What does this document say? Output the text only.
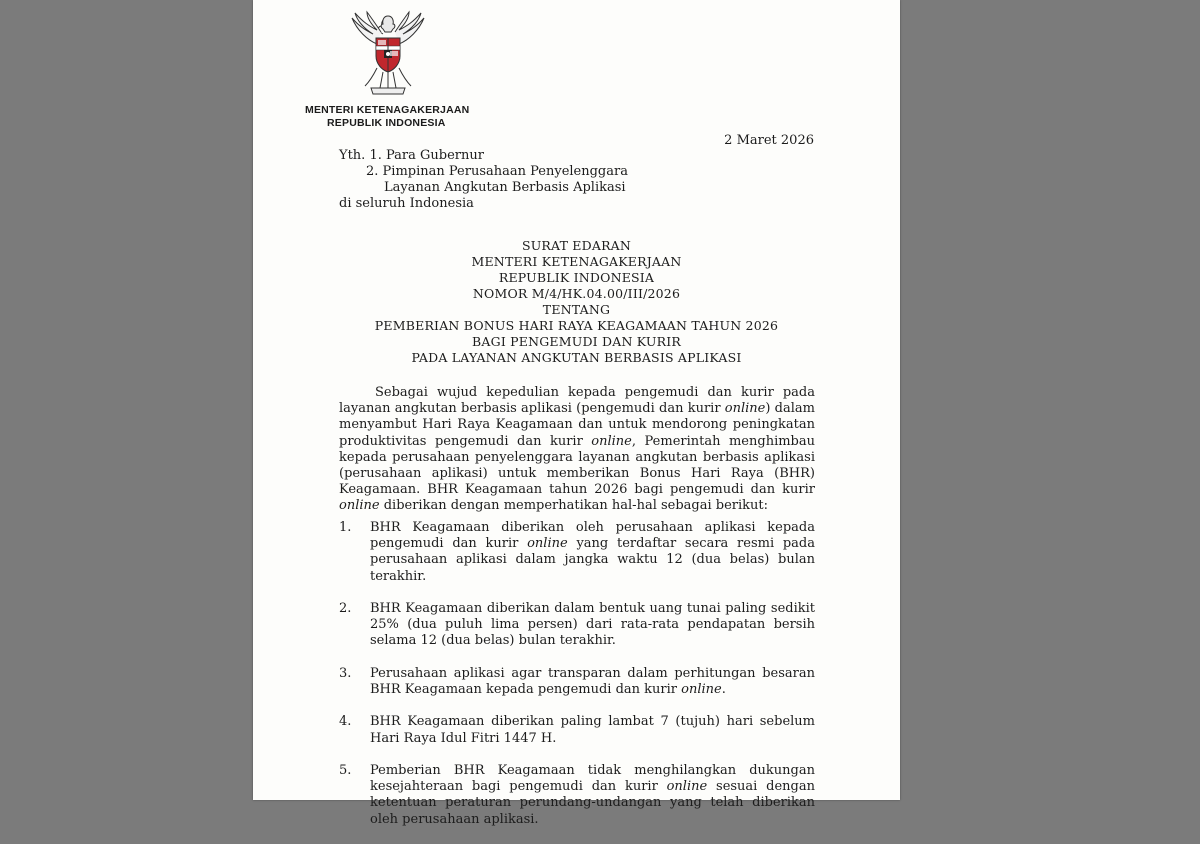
MENTERI KETENAGAKERJAAN
REPUBLIK INDONESIA
2 Maret 2026
Yth. 1. Para Gubernur
2. Pimpinan Perusahaan Penyelenggara
Layanan Angkutan Berbasis Aplikasi
di seluruh Indonesia
SURAT EDARAN
MENTERI KETENAGAKERJAAN
REPUBLIK INDONESIA
NOMOR M/4/HK.04.00/III/2026
TENTANG
PEMBERIAN BONUS HARI RAYA KEAGAMAAN TAHUN 2026
BAGI PENGEMUDI DAN KURIR
PADA LAYANAN ANGKUTAN BERBASIS APLIKASI
Sebagai wujud kepedulian kepada pengemudi dan kurir pada layanan angkutan berbasis aplikasi (pengemudi dan kurir online) dalam menyambut Hari Raya Keagamaan dan untuk mendorong peningkatan produktivitas pengemudi dan kurir online, Pemerintah menghimbau kepada perusahaan penyelenggara layanan angkutan berbasis aplikasi (perusahaan aplikasi) untuk memberikan Bonus Hari Raya (BHR) Keagamaan. BHR Keagamaan tahun 2026 bagi pengemudi dan kurir online diberikan dengan memperhatikan hal-hal sebagai berikut:
1. BHR Keagamaan diberikan oleh perusahaan aplikasi kepada pengemudi dan kurir online yang terdaftar secara resmi pada perusahaan aplikasi dalam jangka waktu 12 (dua belas) bulan terakhir.
2. BHR Keagamaan diberikan dalam bentuk uang tunai paling sedikit 25% (dua puluh lima persen) dari rata-rata pendapatan bersih selama 12 (dua belas) bulan terakhir.
3. Perusahaan aplikasi agar transparan dalam perhitungan besaran BHR Keagamaan kepada pengemudi dan kurir online.
4. BHR Keagamaan diberikan paling lambat 7 (tujuh) hari sebelum Hari Raya Idul Fitri 1447 H.
5. Pemberian BHR Keagamaan tidak menghilangkan dukungan kesejahteraan bagi pengemudi dan kurir online sesuai dengan ketentuan peraturan perundang-undangan yang telah diberikan oleh perusahaan aplikasi.
